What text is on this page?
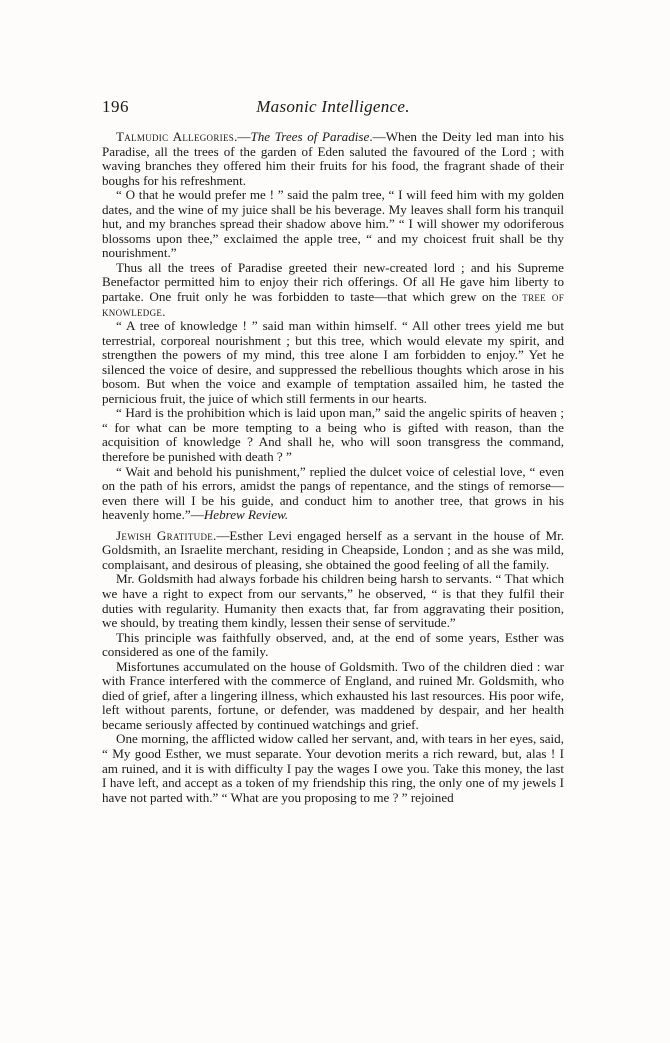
196	Masonic Intelligence.

Talmudic Allegories.—The Trees of Paradise.—When the Deity led man into his Paradise, all the trees of the garden of Eden saluted the favoured of the Lord ; with waving branches they offered him their fruits for his food, the fragrant shade of their boughs for his refreshment.

“ O that he would prefer me ! ” said the palm tree, “ I will feed him with my golden dates, and the wine of my juice shall be his beverage. My leaves shall form his tranquil hut, and my branches spread their shadow above him.” “ I will shower my odoriferous blossoms upon thee,” exclaimed the apple tree, “ and my choicest fruit shall be thy nourishment.”

Thus all the trees of Paradise greeted their new-created lord ; and his Supreme Benefactor permitted him to enjoy their rich offerings. Of all He gave him liberty to partake. One fruit only he was forbidden to taste—that which grew on the tree of knowledge.

“ A tree of knowledge ! ” said man within himself. “ All other trees yield me but terrestrial, corporeal nourishment ; but this tree, which would elevate my spirit, and strengthen the powers of my mind, this tree alone I am forbidden to enjoy.” Yet he silenced the voice of desire, and suppressed the rebellious thoughts which arose in his bosom. But when the voice and example of temptation assailed him, he tasted the pernicious fruit, the juice of which still ferments in our hearts.

“ Hard is the prohibition which is laid upon man,” said the angelic spirits of heaven ; “ for what can be more tempting to a being who is gifted with reason, than the acquisition of knowledge ? And shall he, who will soon transgress the command, therefore be punished with death ? ”

“ Wait and behold his punishment,” replied the dulcet voice of celestial love, “ even on the path of his errors, amidst the pangs of repentance, and the stings of remorse—even there will I be his guide, and conduct him to another tree, that grows in his heavenly home.”—Hebrew Review.

Jewish Gratitude.—Esther Levi engaged herself as a servant in the house of Mr. Goldsmith, an Israelite merchant, residing in Cheapside, London ; and as she was mild, complaisant, and desirous of pleasing, she obtained the good feeling of all the family.

Mr. Goldsmith had always forbade his children being harsh to servants. “ That which we have a right to expect from our servants,” he observed, “ is that they fulfil their duties with regularity. Humanity then exacts that, far from aggravating their position, we should, by treating them kindly, lessen their sense of servitude.”

This principle was faithfully observed, and, at the end of some years, Esther was considered as one of the family.

Misfortunes accumulated on the house of Goldsmith. Two of the children died : war with France interfered with the commerce of England, and ruined Mr. Goldsmith, who died of grief, after a lingering illness, which exhausted his last resources. His poor wife, left without parents, fortune, or defender, was maddened by despair, and her health became seriously affected by continued watchings and grief.

One morning, the afflicted widow called her servant, and, with tears in her eyes, said, “ My good Esther, we must separate. Your devotion merits a rich reward, but, alas ! I am ruined, and it is with difficulty I pay the wages I owe you. Take this money, the last I have left, and accept as a token of my friendship this ring, the only one of my jewels I have not parted with.” “ What are you proposing to me ? ” rejoined
